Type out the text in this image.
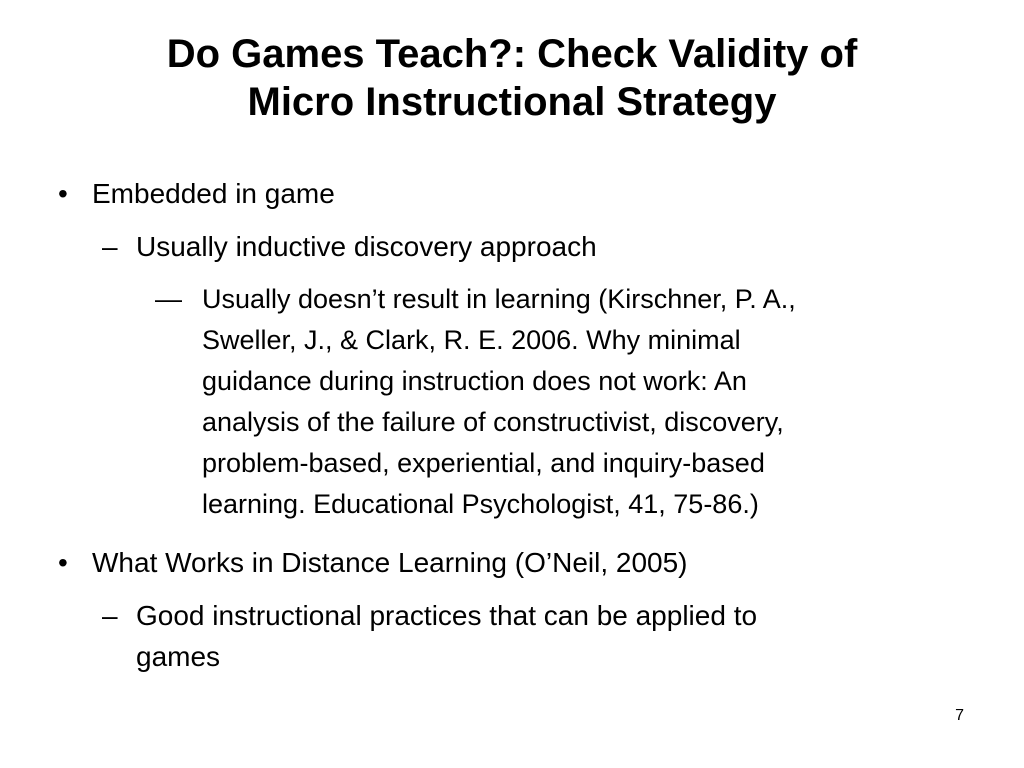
Do Games Teach?: Check Validity of
Micro Instructional Strategy
• Embedded in game
– Usually inductive discovery approach
— Usually doesn’t result in learning (Kirschner, P. A.,
Sweller, J., & Clark, R. E. 2006. Why minimal
guidance during instruction does not work: An
analysis of the failure of constructivist, discovery,
problem-based, experiential, and inquiry-based
learning. Educational Psychologist, 41, 75-86.)
• What Works in Distance Learning (O’Neil, 2005)
– Good instructional practices that can be applied to
games
7
